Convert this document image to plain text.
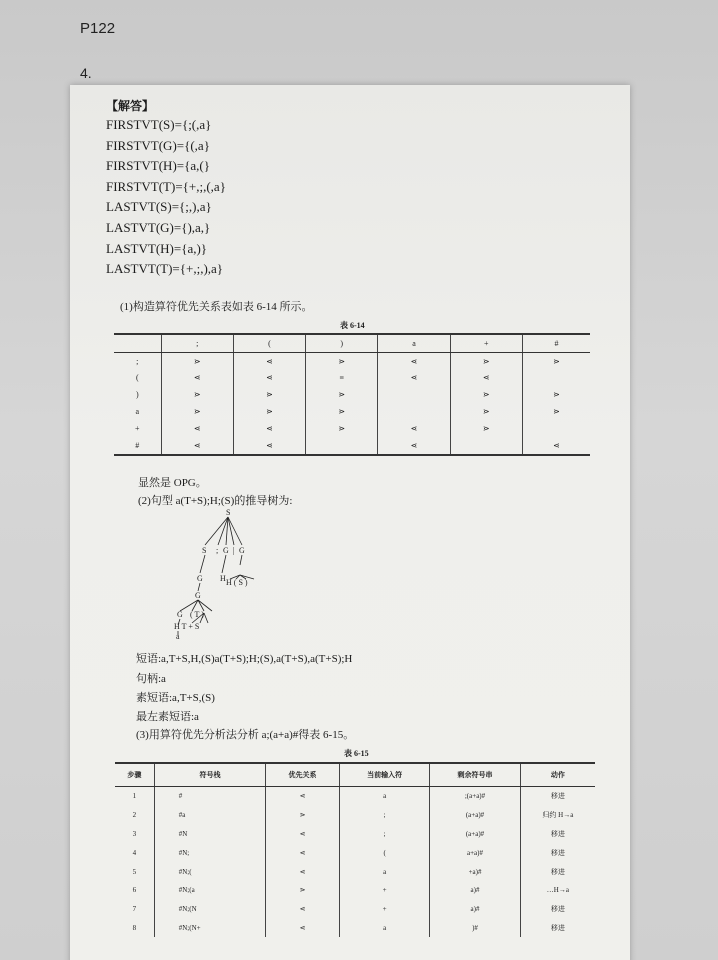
P122
4.
【解答】
FIRSTVT(S)={;(,a}
FIRSTVT(G)={(,a}
FIRSTVT(H)={a,(}
FIRSTVT(T)={+,;,(,a}
LASTVT(S)={;,),a}
LASTVT(G)={),a,}
LASTVT(H)={a,)}
LASTVT(T)={+,;,),a}
(1)构造算符优先关系表如表 6-14 所示。
表 6-14
	;	(	)	a	+	#
;	⋗	⋖	⋗	⋖	⋗	⋗
(	⋖	⋖	≡	⋖	⋖	
)	⋗	⋗	⋗		⋗	⋗
a	⋗	⋗	⋗		⋗	⋗
+	⋖	⋖	⋗	⋖	⋗	
#	⋖	⋖		⋖		⋖
显然是 OPG。
(2)句型 a(T+S);H;(S)的推导树为:
S
S ; G | G
G H H ( S )
G
G ( T )
H T + S
a
短语:a,T+S,H,(S)a(T+S);H;(S),a(T+S),a(T+S);H
句柄:a
素短语:a,T+S,(S)
最左素短语:a
(3)用算符优先分析法分析 a;(a+a)#得表 6-15。
表 6-15
步骤	符号栈	优先关系	当前输入符	剩余符号串	动作
1	#	⋖	a	;(a+a)#	移进
2	#a	⋗	;	(a+a)#	归约 H→a
3	#N	⋖	;	(a+a)#	移进
4	#N;	⋖	(	a+a)#	移进
5	#N;(	⋖	a	+a)#	移进
6	#N;(a	⋗	+	a)#	…H→a
7	#N;(N	⋖	+	a)#	移进
8	#N;(N+	⋖	a	)#	移进
